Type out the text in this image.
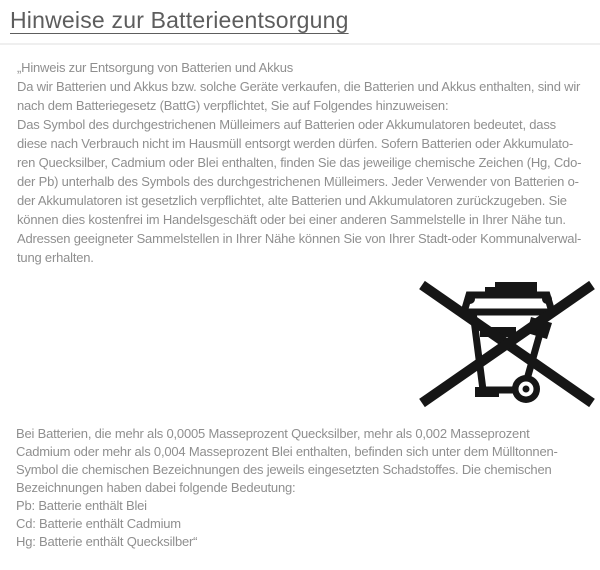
Hinweise zur Batterieentsorgung
„Hinweis zur Entsorgung von Batterien und Akkus
Da wir Batterien und Akkus bzw. solche Geräte verkaufen, die Batterien und Akkus enthalten, sind wir
nach dem Batteriegesetz (BattG) verpflichtet, Sie auf Folgendes hinzuweisen:
Das Symbol des durchgestrichenen Mülleimers auf Batterien oder Akkumulatoren bedeutet, dass
diese nach Verbrauch nicht im Hausmüll entsorgt werden dürfen. Sofern Batterien oder Akkumulato-
ren Quecksilber, Cadmium oder Blei enthalten, finden Sie das jeweilige chemische Zeichen (Hg, Cdo-
der Pb) unterhalb des Symbols des durchgestrichenen Mülleimers. Jeder Verwender von Batterien o-
der Akkumulatoren ist gesetzlich verpflichtet, alte Batterien und Akkumulatoren zurückzugeben. Sie
können dies kostenfrei im Handelsgeschäft oder bei einer anderen Sammelstelle in Ihrer Nähe tun.
Adressen geeigneter Sammelstellen in Ihrer Nähe können Sie von Ihrer Stadt-oder Kommunalverwal-
tung erhalten.
Bei Batterien, die mehr als 0,0005 Masseprozent Quecksilber, mehr als 0,002 Masseprozent
Cadmium oder mehr als 0,004 Masseprozent Blei enthalten, befinden sich unter dem Mülltonnen-
Symbol die chemischen Bezeichnungen des jeweils eingesetzten Schadstoffes. Die chemischen
Bezeichnungen haben dabei folgende Bedeutung:
Pb: Batterie enthält Blei
Cd: Batterie enthält Cadmium
Hg: Batterie enthält Quecksilber“
